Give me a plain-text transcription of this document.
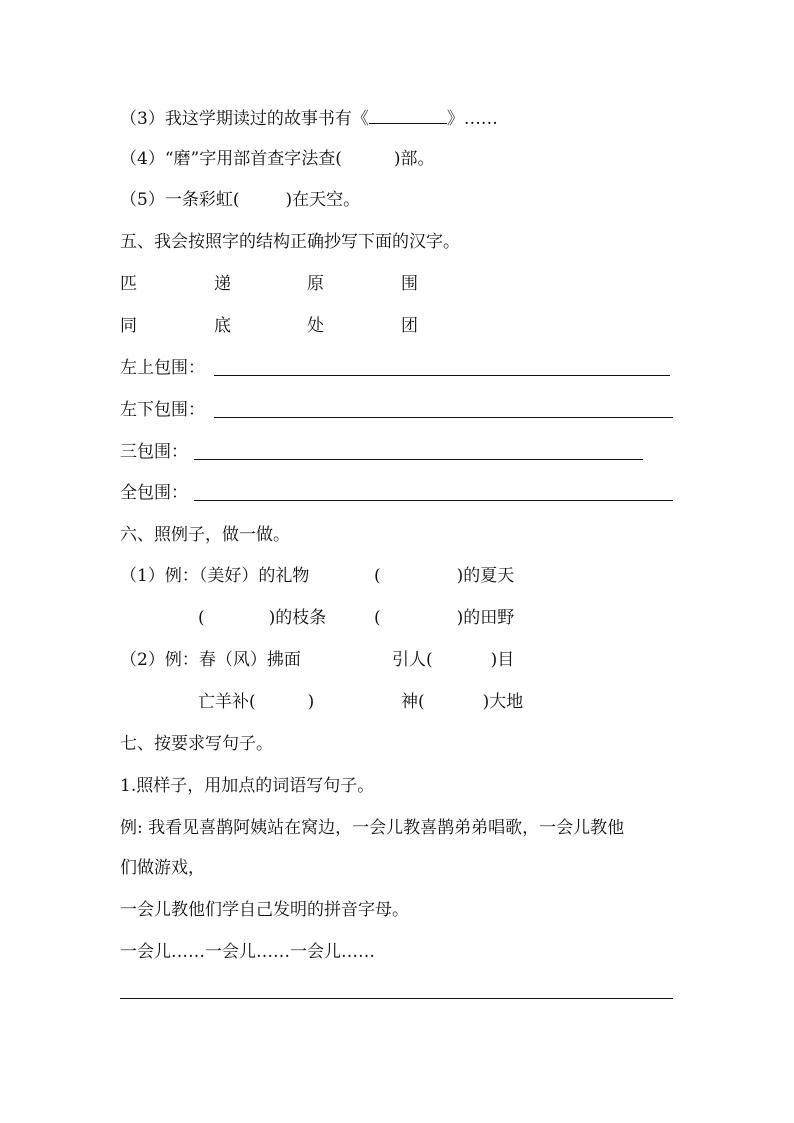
（3）我这学期读过的故事书有《	》……
（4）“磨”字用部首查字法查(	)部。
（5）一条彩虹(	)在天空。
五、我会按照字的结构正确抄写下面的汉字。
匹	递	原	围
同	底	处	团
左上包围：
左下包围：
三包围：
全包围：
六、照例子，做一做。
（1）例：（美好）的礼物	(	)的夏天
(	)的枝条	(	)的田野
（2）例：春（风）拂面	引人(	)目
亡羊补(	)	神(	)大地
七、按要求写句子。
1.照样子，用加点的词语写句子。
例: 我看见喜鹊阿姨站在窝边，一会儿教喜鹊弟弟唱歌，一会儿教他
们做游戏，
一会儿教他们学自己发明的拼音字母。
一会儿……一会儿……一会儿……
